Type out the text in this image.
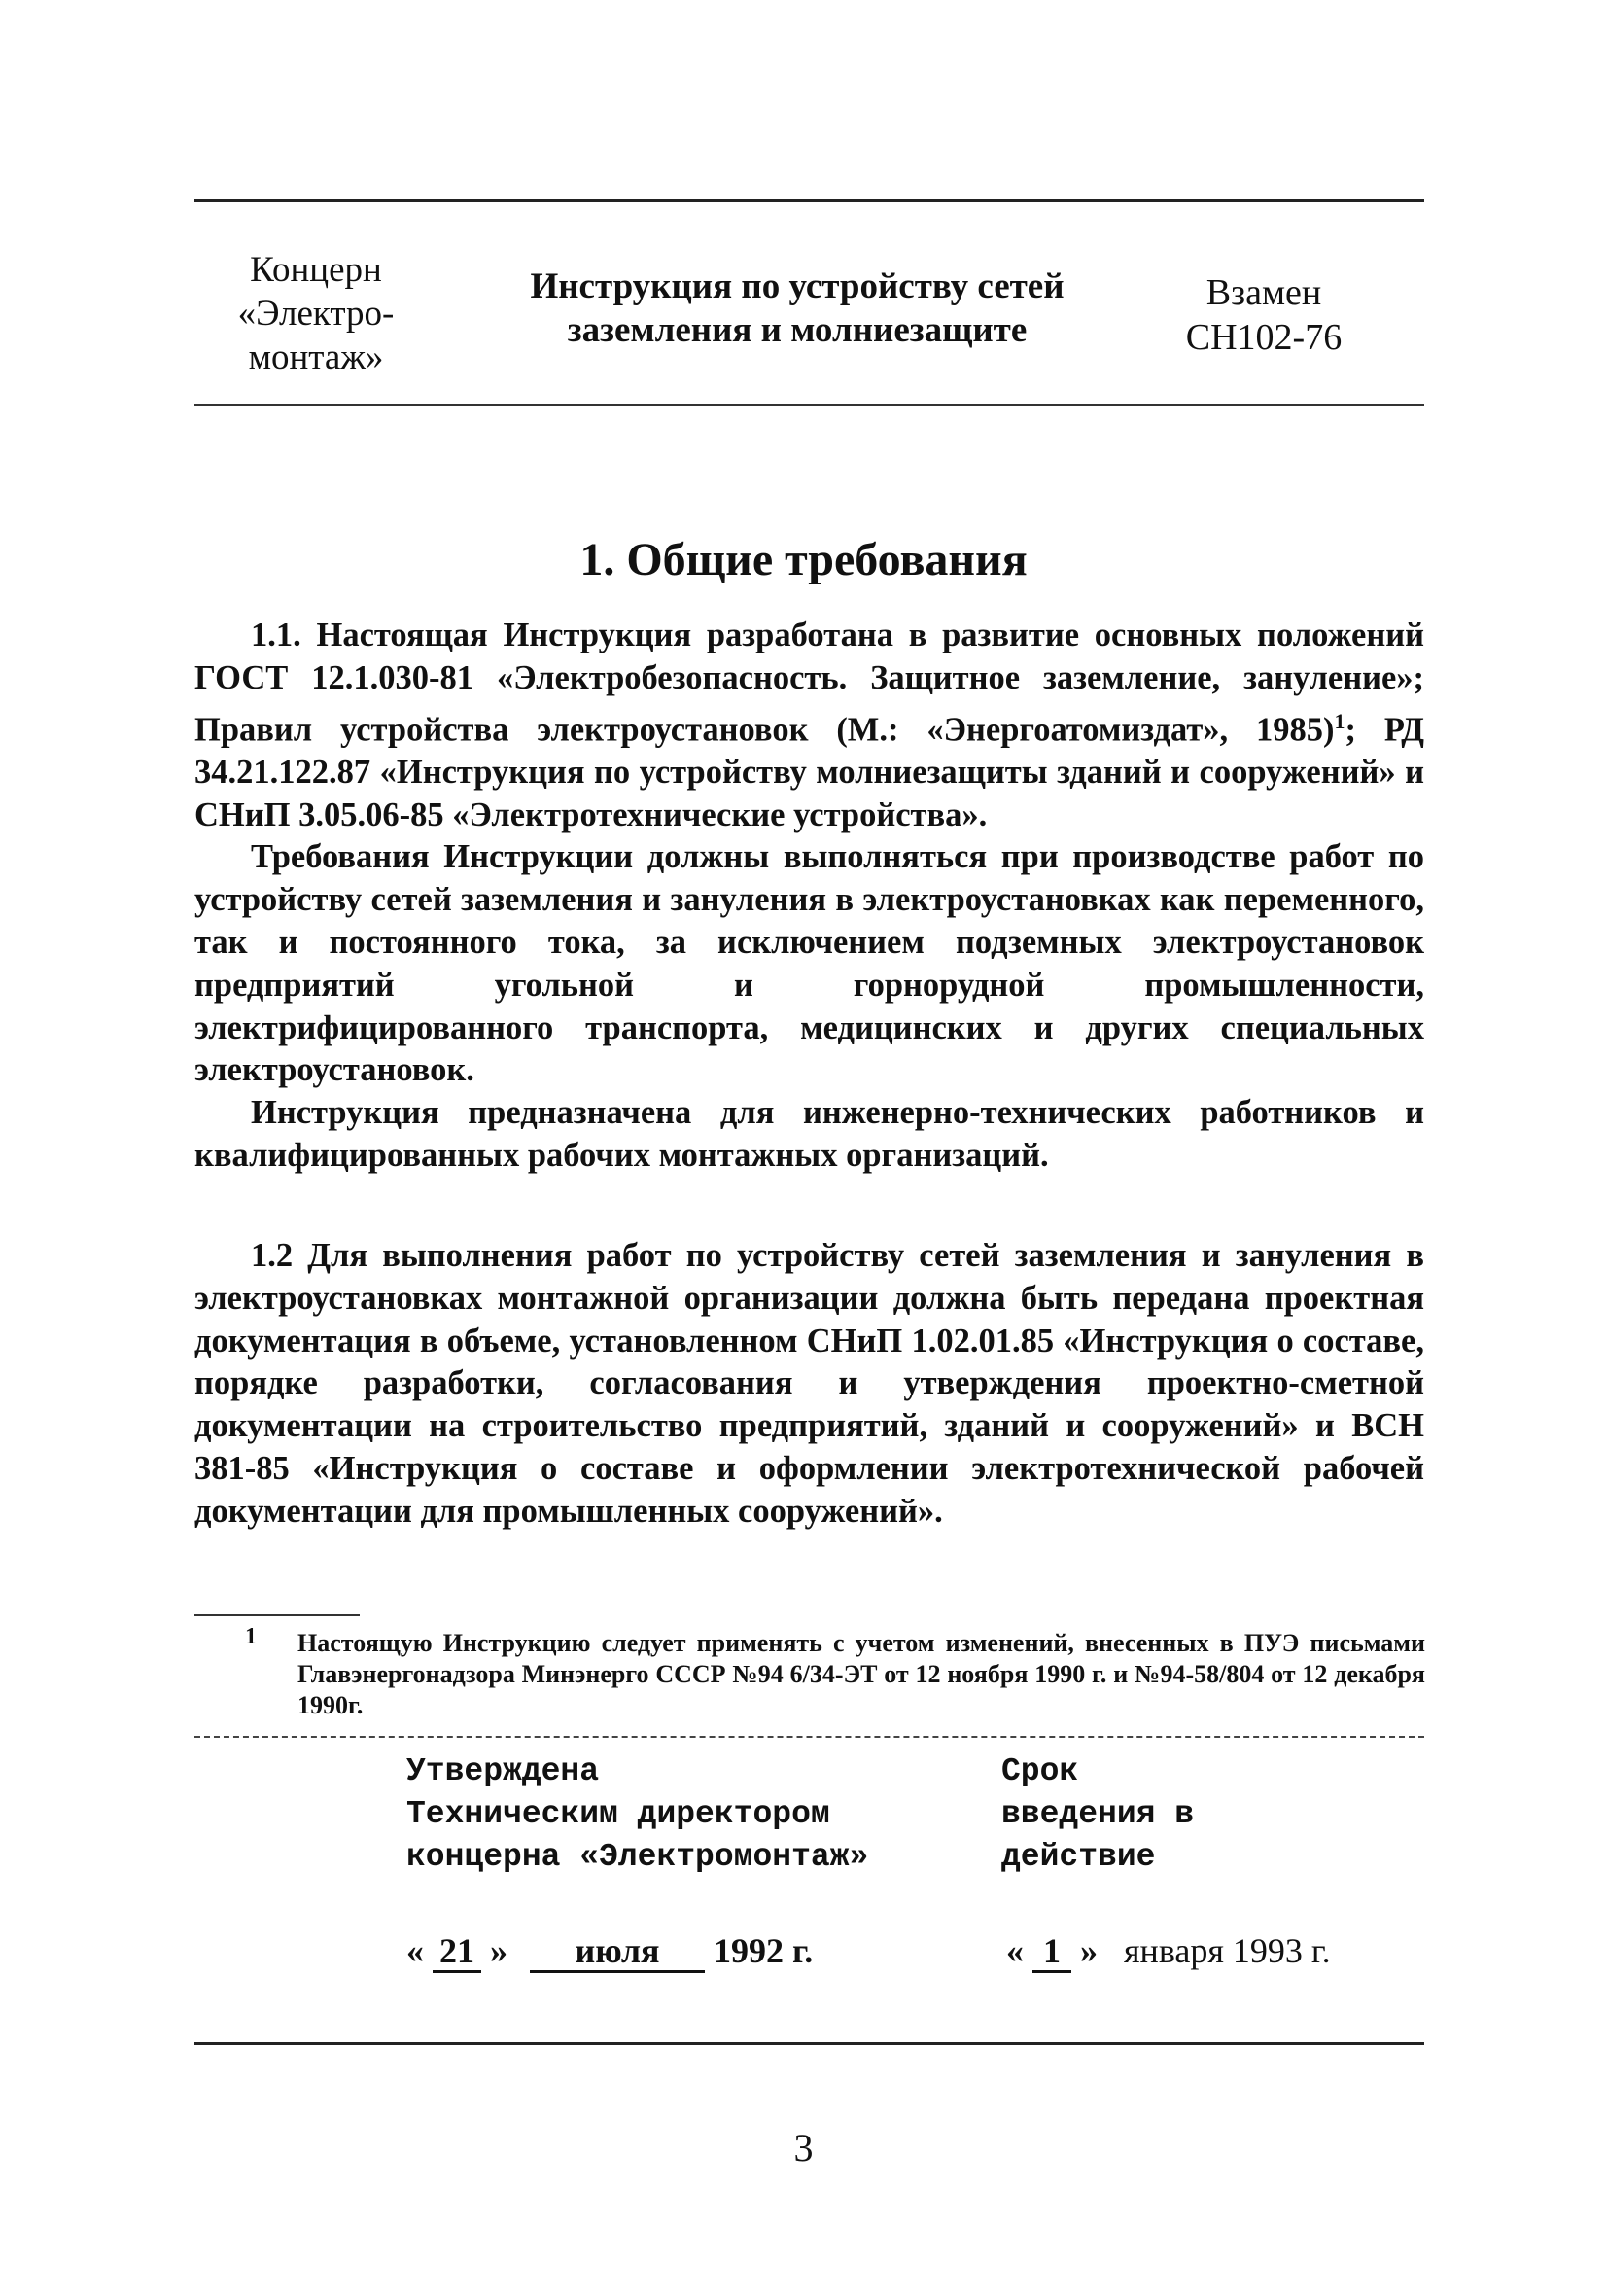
Концерн
«Электро-
монтаж»
Инструкция по устройству сетей
заземления и молниезащите
Взамен
СН102-76
1. Общие требования

1.1. Настоящая Инструкция разработана в развитие основных положений ГОСТ 12.1.030-81 «Электробезопасность. Защитное заземление, зануление»; Правил устройства электроустановок (М.: «Энергоатомиздат», 1985)$^1$; РД 34.21.122.87 «Инструкция по устройству молниезащиты зданий и сооружений» и СНиП 3.05.06-85 «Электротехнические устройства».

Требования Инструкции должны выполняться при производстве работ по устройству сетей заземления и зануления в электроустановках как переменного, так и постоянного тока, за исключением подземных электроустановок предприятий угольной и горнорудной промышленности, электрифицированного транспорта, медицинских и других специальных электроустановок.

Инструкция предназначена для инженерно-технических работников и квалифицированных рабочих монтажных организаций.

1.2 Для выполнения работ по устройству сетей заземления и зануления в электроустановках монтажной организации должна быть передана проектная документация в объеме, установленном СНиП 1.02.01.85 «Инструкция о составе, порядке разработки, согласования и утверждения проектно-сметной документации на строительство предприятий, зданий и сооружений» и ВСН 381-85 «Инструкция о составе и оформлении электротехнической рабочей документации для промышленных сооружений».

1 Настоящую Инструкцию следует применять с учетом изменений, внесенных в ПУЭ письмами Главэнергонадзора Минэнерго СССР №94 6/34-ЭТ от 12 ноября 1990 г. и №94-58/804 от 12 декабря 1990г.
Утверждена
Техническим директором
концерна «Электромонтаж»
Срок
введения в
действие
« 21 » июля 1992 г.	« 1 » января 1993 г.
3
